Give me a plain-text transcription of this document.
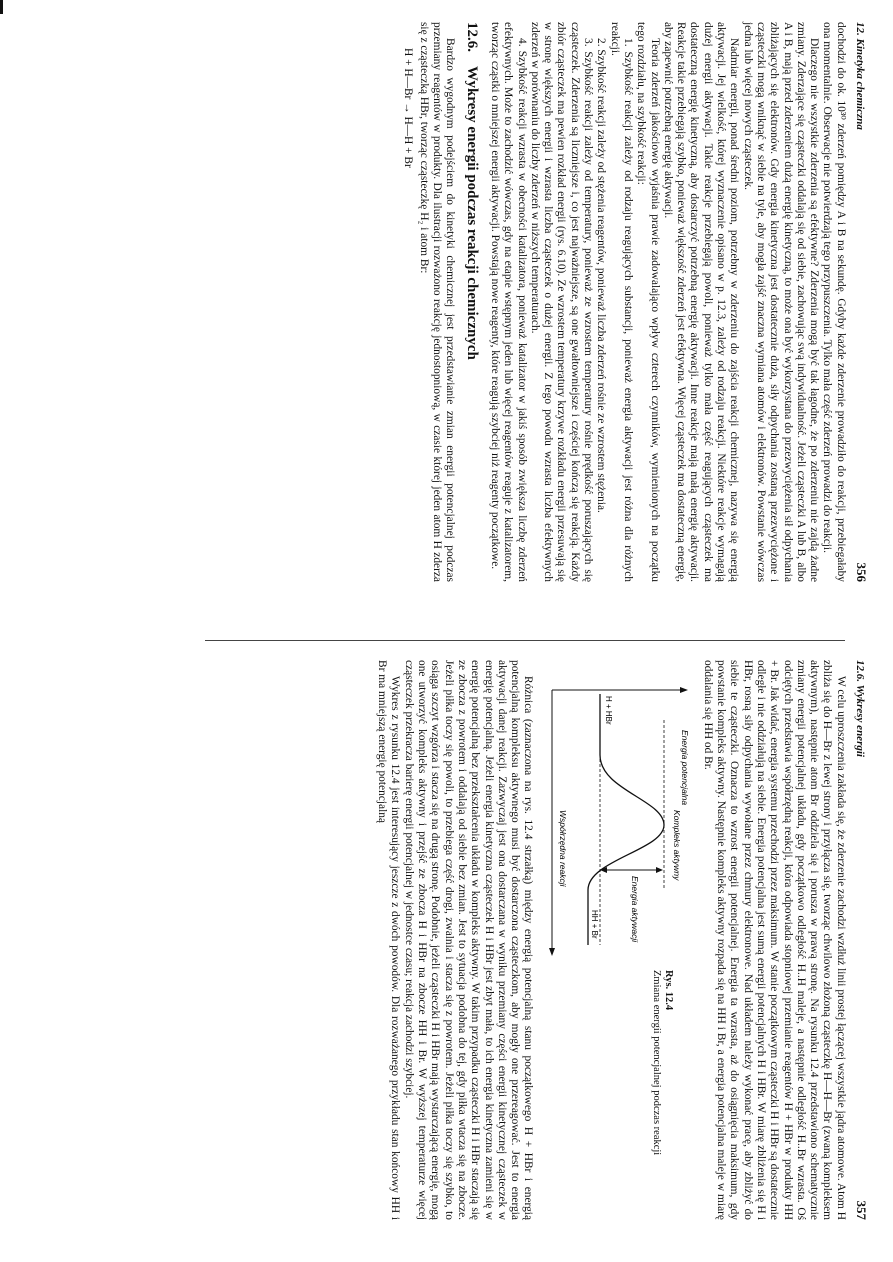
12. Kinetyka chemiczna
356

dochodzi do ok. 10³⁰ zderzeń pomiędzy A i B na sekundę. Gdyby każde zderzenie prowadziło do reakcji, przebiegałaby ona momentalnie. Obserwacje nie potwierdzają tego przypuszczenia. Tylko mała część zderzeń prowadzi do reakcji.

Dlaczego nie wszystkie zderzenia są efektywne? Zderzenia mogą być tak łagodne, że po zderzeniu nie zajdą żadne zmiany. Zderzające się cząsteczki oddalają się od siebie, zachowując swą indywidualność. Jeżeli cząsteczki A lub B, albo A i B, mają przed zderzeniem dużą energię kinetyczną, to może ona być wykorzystana do przezwyciężenia sił odpychania zbliżających się elektronów. Gdy energia kinetyczna jest dostatecznie duża, siły odpychania zostaną przezwyciężone i cząsteczki mogą wniknąć w siebie na tyle, aby mogła zajść znaczna wymiana atomów i elektronów. Powstanie wówczas jedna lub więcej nowych cząsteczek.

Nadmiar energii, ponad średni poziom, potrzebny w zderzeniu do zajścia reakcji chemicznej, nazywa się energią aktywacji. Jej wielkość, której wyznaczenie opisano w p. 12.3, zależy od rodzaju reakcji. Niektóre reakcje wymagają dużej energii aktywacji. Takie reakcje przebiegają powoli, ponieważ tylko mała część reagujących cząsteczek ma dostateczną energię kinetyczną, aby dostarczyć potrzebną energię aktywacji. Inne reakcje mają małą energię aktywacji. Reakcje takie przebiegają szybko, ponieważ większość zderzeń jest efektywna. Więcej cząsteczek ma dostateczną energię, aby zapewnić potrzebną energię aktywacji.

Teoria zderzeń jakościowo wyjaśnia prawie zadowalająco wpływ czterech czynników, wymienionych na początku tego rozdziału, na szybkość reakcji:

1. Szybkość reakcji zależy od rodzaju reagujących substancji, ponieważ energia aktywacji jest różna dla różnych reakcji.

2. Szybkość reakcji zależy od stężenia reagentów, ponieważ liczba zderzeń rośnie ze wzrostem stężenia.

3. Szybkość reakcji zależy od temperatury, ponieważ ze wzrostem temperatury rośnie prędkość poruszających się cząsteczek. Zderzenia są liczniejsze i, co jest najważniejsze, są one gwałtowniejsze i częściej kończą się reakcją. Każdy zbiór cząsteczek ma pewien rozkład energii (rys. 6.10). Ze wzrostem temperatury krzywe rozkładu energii przesuwają się w stronę większych energii i wzrasta liczba cząsteczek o dużej energii. Z tego powodu wzrasta liczba efektywnych zderzeń w porównaniu do liczby zderzeń w niższych temperaturach.

4. Szybkość reakcji wzrasta w obecności katalizatora, ponieważ katalizator w jakiś sposób zwiększa liczbę zderzeń efektywnych. Może to zachodzić wówczas, gdy na etapie wstępnym jeden lub więcej reagentów reaguje z katalizatorem, tworząc cząstki o mniejszej energii aktywacji. Powstają nowe reagenty, które reagują szybciej niż reagenty początkowe.

12.6.Wykresy energii podczas reakcji chemicznych

Bardzo wygodnym podejściem do kinetyki chemicznej jest przedstawianie zmian energii potencjalnej podczas przemiany reagentów w produkty. Dla ilustracji rozważono reakcję jednostopniową, w czasie której jeden atom H zderza się z cząsteczką HBr, tworząc cząsteczkę H₂ i atom Br:

H + H—Br → H—H + Br
12.6. Wykresy energii
357

W celu uproszczenia zakłada się, że zderzenie zachodzi wzdłuż linii prostej łączącej wszystkie jądra atomowe. Atom H zbliża się do H—Br z lewej strony i przyłącza się, tworząc chwilowo złożoną cząsteczkę H—H—Br (zwaną kompleksem aktywnym), następnie atom Br oddziela się i porusza w prawą stronę. Na rysunku 12.4 przedstawiono schematycznie zmiany energii potencjalnej układu, gdy początkowo odległość H..H maleje, a następnie odległość H..Br wzrasta. Oś odciętych przedstawia współrzędną reakcji, która odpowiada stopniowej przemianie reagentów H + HBr w produkty HH + Br. Jak widać, energia systemu przechodzi przez maksimum. W stanie początkowym cząsteczki H i HBr są dostatecznie odległe i nie oddziałują na siebie. Energia potencjalna jest sumą energii potencjalnych H i HBr. W miarę zbliżenia się H i HBr, rosną siły odpychania wywołane przez chmury elektronowe. Nad układem należy wykonać pracę, aby zbliżyć do siebie te cząsteczki. Oznacza to wzrost energii potencjalnej. Energia ta wzrasta, aż do osiągnięcia maksimum, gdy powstanie kompleks aktywny. Następnie kompleks aktywny rozpada się na HH i Br, a energia potencjalna maleje w miarę oddalania się HH od Br.

Energia potencjalna
Kompleks aktywny
Energia aktywacji
H + HBr
HH + Br
Współrzędna reakcji
Rys. 12.4
Zmiana energii potencjalnej podczas reakcji

Różnica (zaznaczona na rys. 12.4 strzałką) między energią potencjalną stanu początkowego H + HBr i energią potencjalną kompleksu aktywnego musi być dostarczona cząsteczkom, aby mogły one przereagować. Jest to energia aktywacji danej reakcji. Zazwyczaj jest ona dostarczana w wyniku przemiany części energii kinetycznej cząsteczek w energię potencjalną. Jeżeli energia kinetyczna cząsteczek H i HBr jest zbyt mała, to ich energia kinetyczna zamieni się w energię potencjalną bez przekształcenia układu w kompleks aktywny. W takim przypadku cząsteczki H i HBr staczają się ze zbocza z powrotem i oddalają od siebie bez zmian. Jest to sytuacja podobna do tej, gdy piłka wtacza się na zbocze. Jeżeli piłka toczy się powoli, to przebiega część drogi, zwalnia i stacza się z powrotem. Jeżeli piłka toczy się szybko, to osiąga szczyt wzgórza i stacza się na drugą stronę. Podobnie, jeżeli cząsteczki H i HBr mają wystarczającą energię, mogą one utworzyć kompleks aktywny i przejść ze zbocza H i HBr na zbocze HH i Br. W wyższej temperaturze więcej cząsteczek przekracza barierę energii potencjalnej w jednostce czasu; reakcja zachodzi szybciej.

Wykres z rysunku 12.4 jest interesujący jeszcze z dwóch powodów. Dla rozważanego przykładu stan końcowy HH i Br ma mniejszą energię potencjalną
